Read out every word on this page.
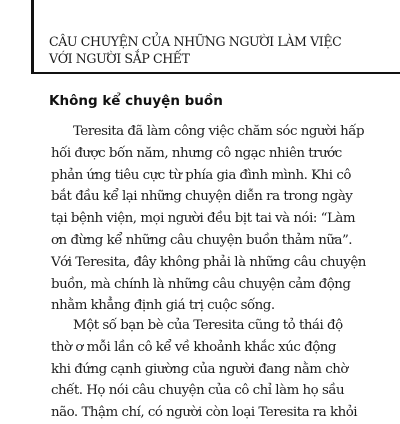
CÂU CHUYỆN CỦA NHỮNG NGƯỜI LÀM VIỆC
VỚI NGƯỜI SẮP CHẾT
Không kể chuyện buồn
Teresita đã làm công việc chăm sóc người hấp
hối được bốn năm, nhưng cô ngạc nhiên trước
phản ứng tiêu cực từ phía gia đình mình. Khi cô
bắt đầu kể lại những chuyện diễn ra trong ngày
tại bệnh viện, mọi người đều bịt tai và nói: “Làm
ơn đừng kể những câu chuyện buồn thảm nữa”.
Với Teresita, đây không phải là những câu chuyện
buồn, mà chính là những câu chuyện cảm động
nhằm khẳng định giá trị cuộc sống.
Một số bạn bè của Teresita cũng tỏ thái độ
thờ ơ mỗi lần cô kể về khoảnh khắc xúc động
khi đứng cạnh giường của người đang nằm chờ
chết. Họ nói câu chuyện của cô chỉ làm họ sầu
não. Thậm chí, có người còn loại Teresita ra khỏi
